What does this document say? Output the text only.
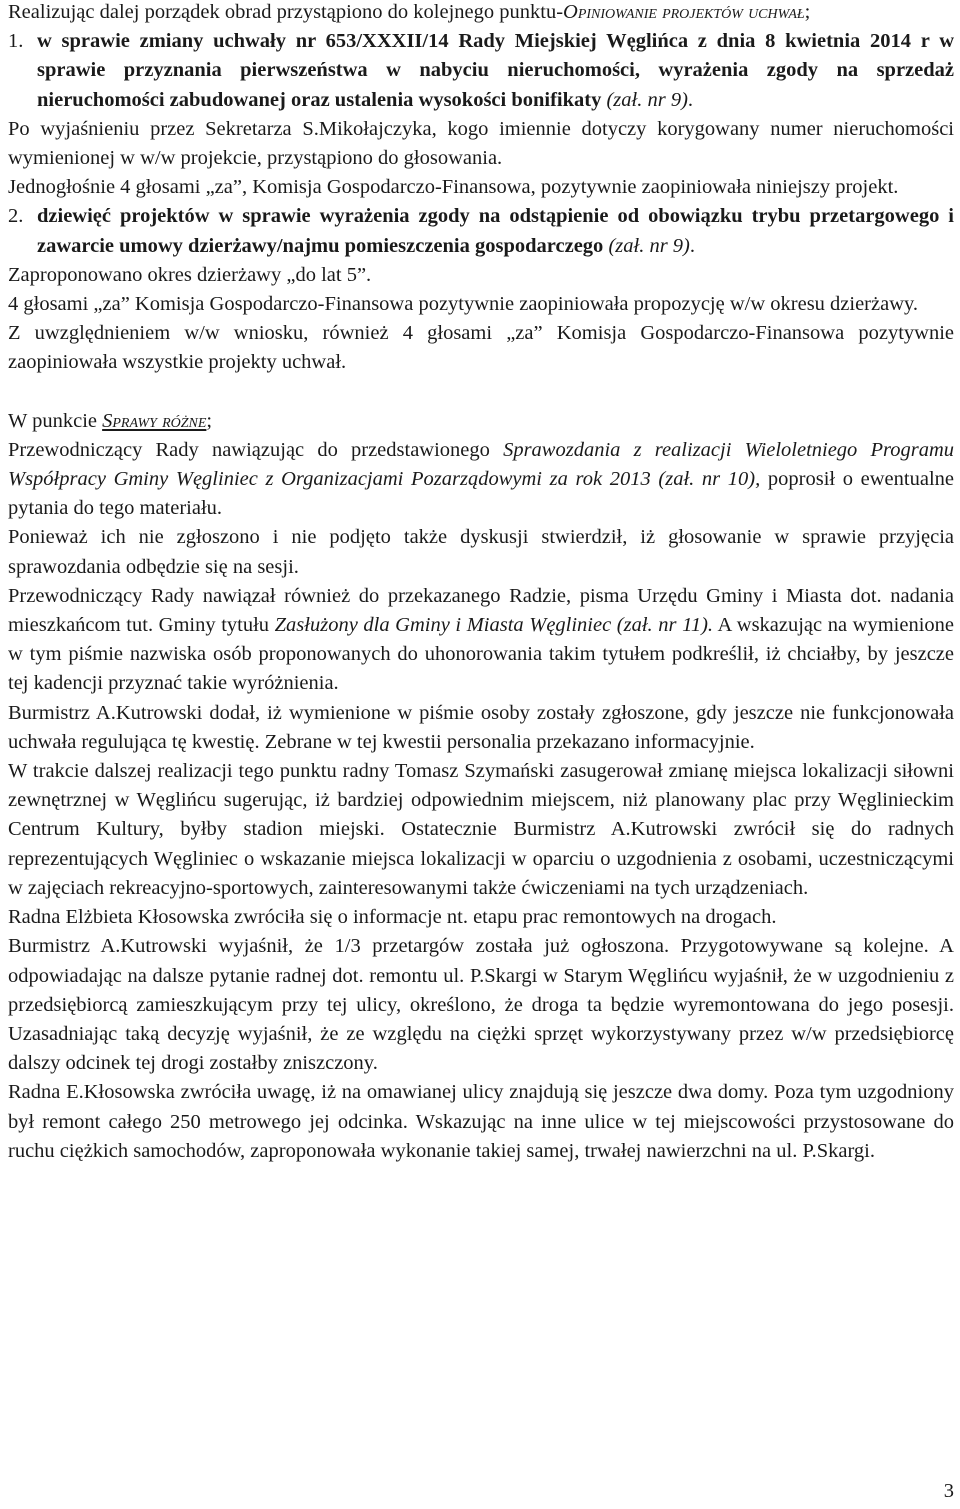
Realizując dalej porządek obrad przystąpiono do kolejnego punktu-Opiniowanie projektów uchwał;

1. w sprawie zmiany uchwały nr 653/XXXII/14 Rady Miejskiej Węglińca z dnia 8 kwietnia 2014 r w sprawie przyznania pierwszeństwa w nabyciu nieruchomości, wyrażenia zgody na sprzedaż nieruchomości zabudowanej oraz ustalenia wysokości bonifikaty (zał. nr 9).

Po wyjaśnieniu przez Sekretarza S.Mikołajczyka, kogo imiennie dotyczy korygowany numer nieruchomości wymienionej w w/w projekcie, przystąpiono do głosowania.

Jednogłośnie 4 głosami „za”, Komisja Gospodarczo-Finansowa, pozytywnie zaopiniowała niniejszy projekt.

2. dziewięć projektów w sprawie wyrażenia zgody na odstąpienie od obowiązku trybu przetargowego i zawarcie umowy dzierżawy/najmu pomieszczenia gospodarczego (zał. nr 9).

Zaproponowano okres dzierżawy „do lat 5”.

4 głosami „za” Komisja Gospodarczo-Finansowa pozytywnie zaopiniowała propozycję w/w okresu dzierżawy.

Z uwzględnieniem w/w wniosku, również 4 głosami „za” Komisja Gospodarczo-Finansowa pozytywnie zaopiniowała wszystkie projekty uchwał.

W punkcie Sprawy różne;

Przewodniczący Rady nawiązując do przedstawionego Sprawozdania z realizacji Wieloletniego Programu Współpracy Gminy Węgliniec z Organizacjami Pozarządowymi za rok 2013 (zał. nr 10), poprosił o ewentualne pytania do tego materiału.

Ponieważ ich nie zgłoszono i nie podjęto także dyskusji stwierdził, iż głosowanie w sprawie przyjęcia sprawozdania odbędzie się na sesji.

Przewodniczący Rady nawiązał również do przekazanego Radzie, pisma Urzędu Gminy i Miasta dot. nadania mieszkańcom tut. Gminy tytułu Zasłużony dla Gminy i Miasta Węgliniec (zał. nr 11). A wskazując na wymienione w tym piśmie nazwiska osób proponowanych do uhonorowania takim tytułem podkreślił, iż chciałby, by jeszcze tej kadencji przyznać takie wyróżnienia.

Burmistrz A.Kutrowski dodał, iż wymienione w piśmie osoby zostały zgłoszone, gdy jeszcze nie funkcjonowała uchwała regulująca tę kwestię. Zebrane w tej kwestii personalia przekazano informacyjnie.

W trakcie dalszej realizacji tego punktu radny Tomasz Szymański zasugerował zmianę miejsca lokalizacji siłowni zewnętrznej w Węglińcu sugerując, iż bardziej odpowiednim miejscem, niż planowany plac przy Węglinieckim Centrum Kultury, byłby stadion miejski. Ostatecznie Burmistrz A.Kutrowski zwrócił się do radnych reprezentujących Węgliniec o wskazanie miejsca lokalizacji w oparciu o uzgodnienia z osobami, uczestniczącymi w zajęciach rekreacyjno-sportowych, zainteresowanymi także ćwiczeniami na tych urządzeniach.

Radna Elżbieta Kłosowska zwróciła się o informacje nt. etapu prac remontowych na drogach.

Burmistrz A.Kutrowski wyjaśnił, że 1/3 przetargów została już ogłoszona. Przygotowywane są kolejne. A odpowiadając na dalsze pytanie radnej dot. remontu ul. P.Skargi w Starym Węglińcu wyjaśnił, że w uzgodnieniu z przedsiębiorcą zamieszkującym przy tej ulicy, określono, że droga ta będzie wyremontowana do jego posesji. Uzasadniając taką decyzję wyjaśnił, że ze względu na ciężki sprzęt wykorzystywany przez w/w przedsiębiorcę dalszy odcinek tej drogi zostałby zniszczony.

Radna E.Kłosowska zwróciła uwagę, iż na omawianej ulicy znajdują się jeszcze dwa domy. Poza tym uzgodniony był remont całego 250 metrowego jej odcinka. Wskazując na inne ulice w tej miejscowości przystosowane do ruchu ciężkich samochodów, zaproponowała wykonanie takiej samej, trwałej nawierzchni na ul. P.Skargi.

3
